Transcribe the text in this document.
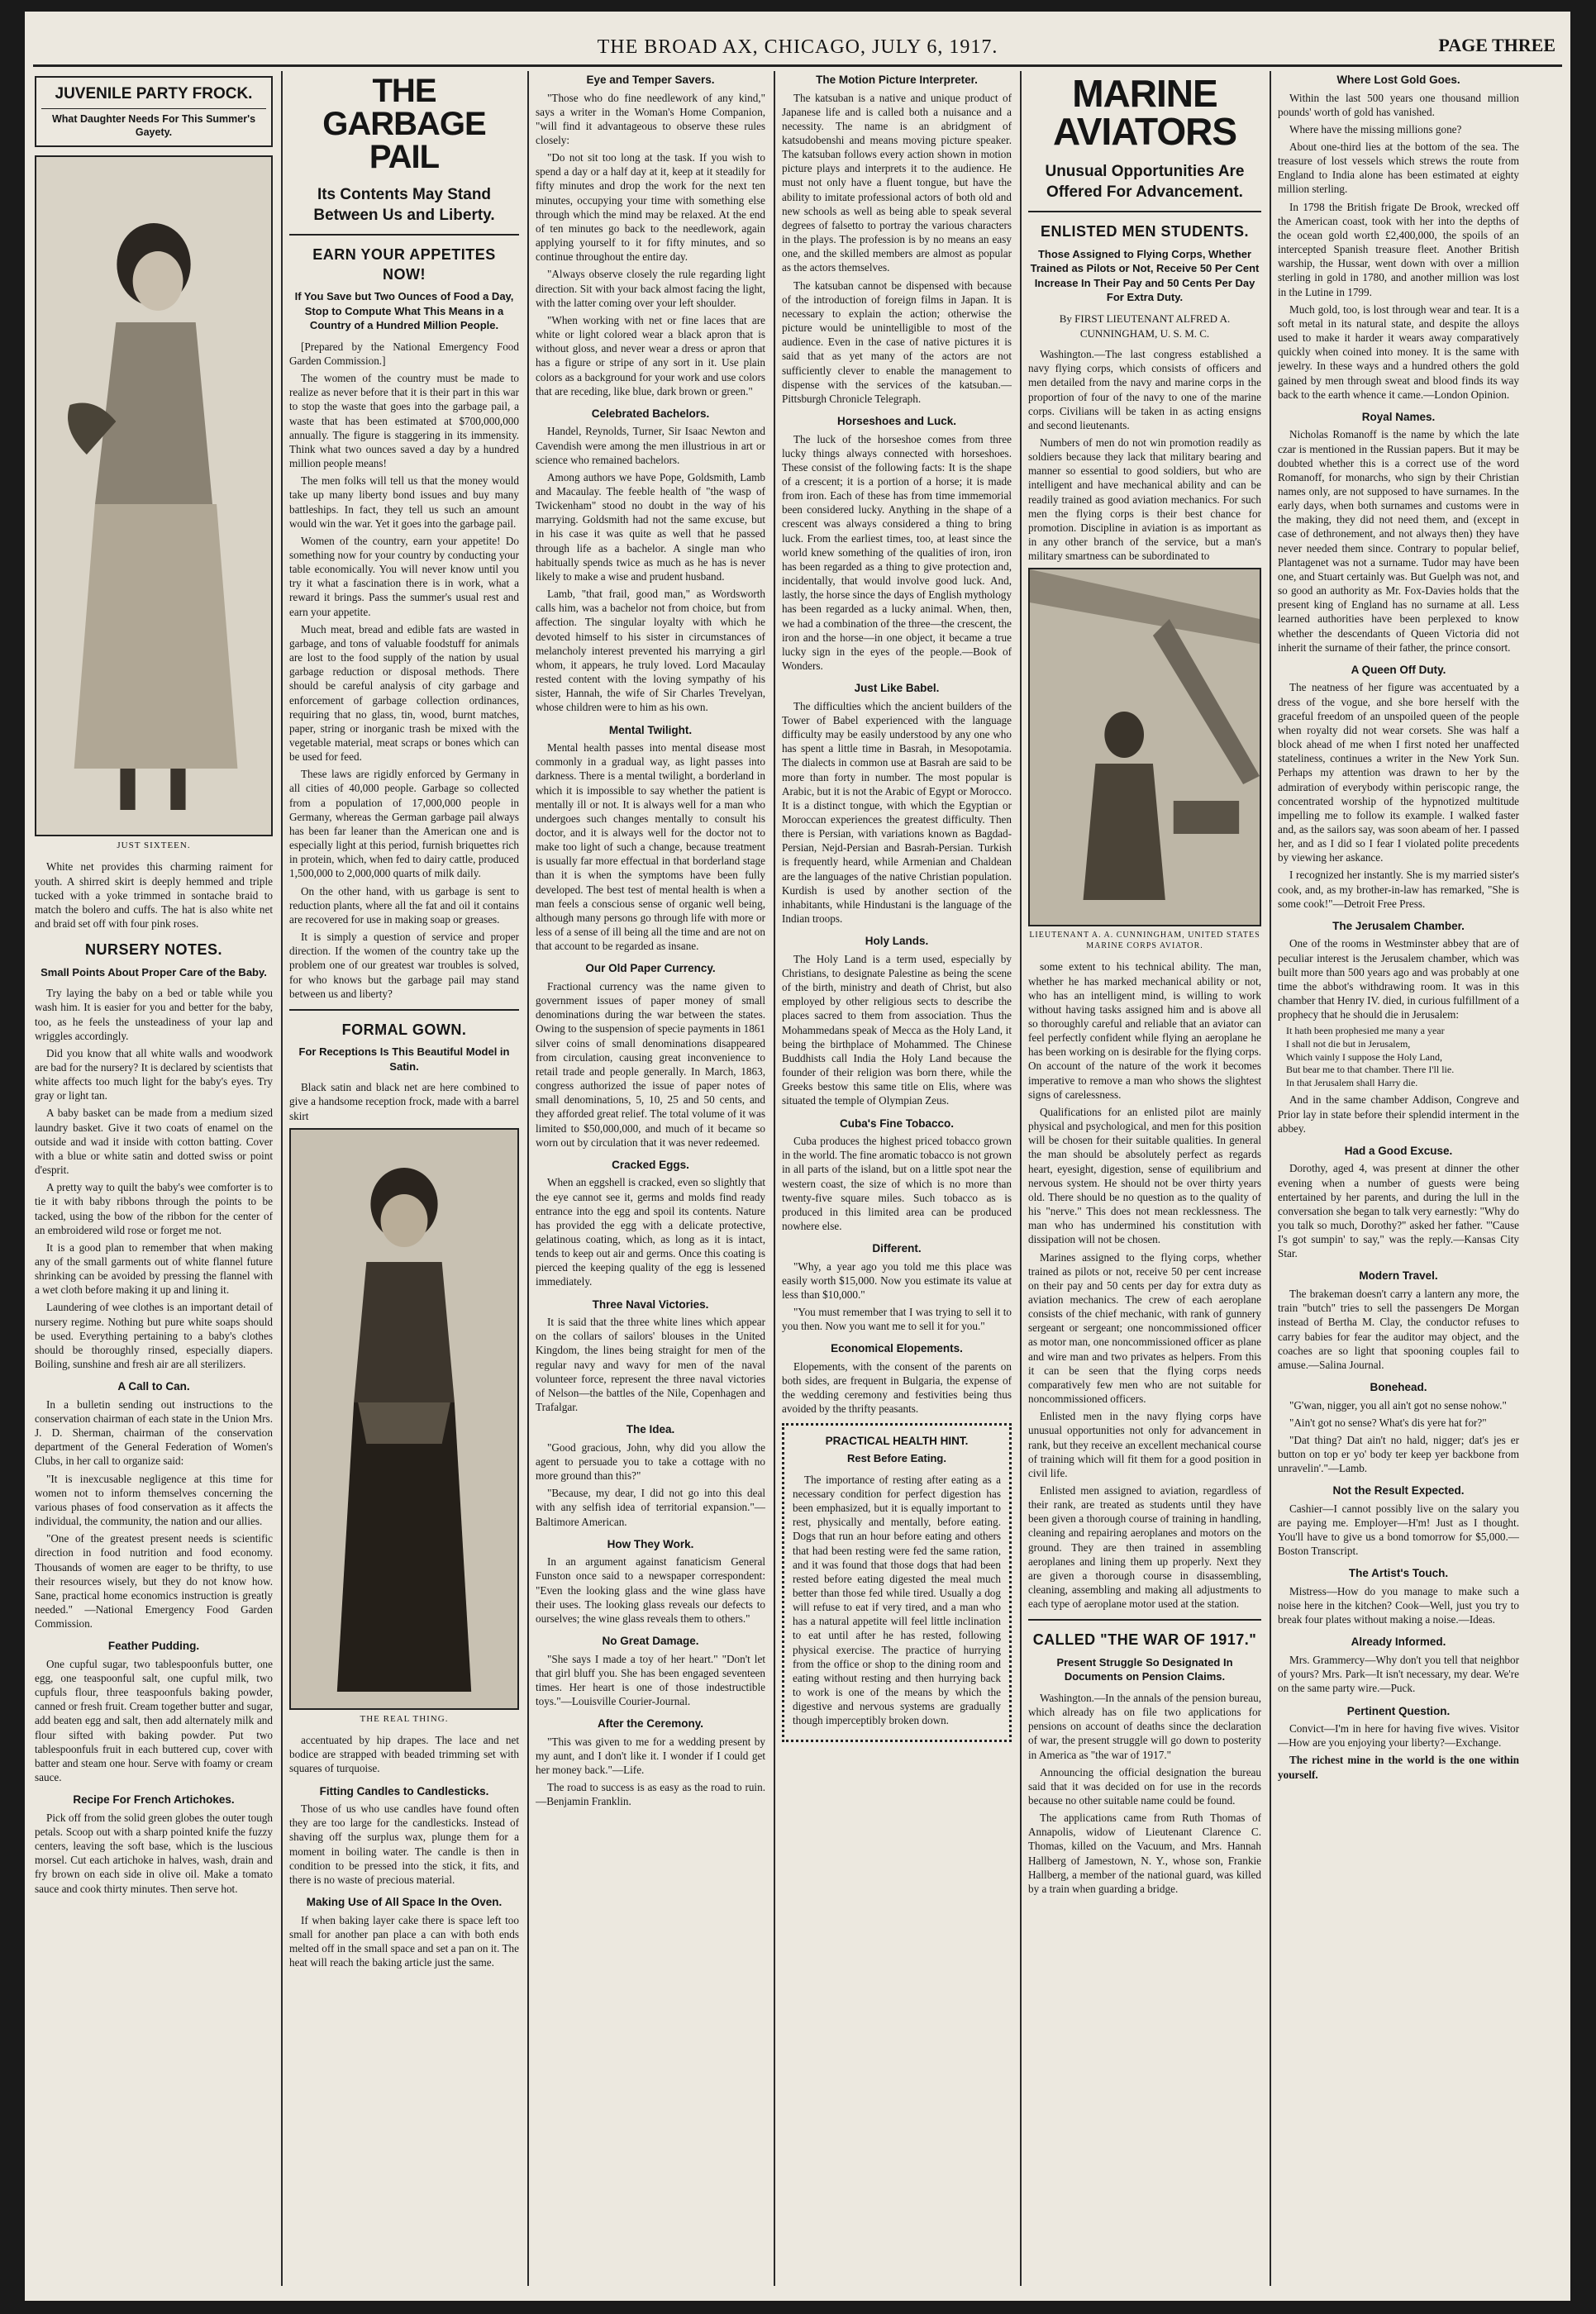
THE BROAD AX, CHICAGO, JULY 6, 1917.	PAGE THREE
JUVENILE PARTY FROCK.
What Daughter Needs For This Summer's Gayety.
JUST SIXTEEN.

White net provides this charming raiment for youth. A shirred skirt is deeply hemmed and triple tucked with a yoke trimmed in sontache braid to match the bolero and cuffs. The hat is also white net and braid set off with four pink roses.

NURSERY NOTES.
Small Points About Proper Care of the Baby.

Try laying the baby on a bed or table while you wash him. It is easier for you and better for the baby, too, as he feels the unsteadiness of your lap and wriggles accordingly.

Did you know that all white walls and woodwork are bad for the nursery? It is declared by scientists that white affects too much light for the baby's eyes. Try gray or light tan.

A baby basket can be made from a medium sized laundry basket. Give it two coats of enamel on the outside and wad it inside with cotton batting. Cover with a blue or white satin and dotted swiss or point d'esprit.

A pretty way to quilt the baby's wee comforter is to tie it with baby ribbons through the points to be tacked, using the bow of the ribbon for the center of an embroidered wild rose or forget me not.

It is a good plan to remember that when making any of the small garments out of white flannel future shrinking can be avoided by pressing the flannel with a wet cloth before making it up and lining it.

Laundering of wee clothes is an important detail of nursery regime. Nothing but pure white soaps should be used. Everything pertaining to a baby's clothes should be thoroughly rinsed, especially diapers. Boiling, sunshine and fresh air are all sterilizers.

A Call to Can.

In a bulletin sending out instructions to the conservation chairman of each state in the Union Mrs. J. D. Sherman, chairman of the conservation department of the General Federation of Women's Clubs, in her call to organize said:

"It is inexcusable negligence at this time for women not to inform themselves concerning the various phases of food conservation as it affects the individual, the community, the nation and our allies.

"One of the greatest present needs is scientific direction in food nutrition and food economy. Thousands of women are eager to be thrifty, to use their resources wisely, but they do not know how. Sane, practical home economics instruction is greatly needed." —National Emergency Food Garden Commission.

Feather Pudding.

One cupful sugar, two tablespoonfuls butter, one egg, one teaspoonful salt, one cupful milk, two cupfuls flour, three teaspoonfuls baking powder, canned or fresh fruit. Cream together butter and sugar, add beaten egg and salt, then add alternately milk and flour sifted with baking powder. Put two tablespoonfuls fruit in each buttered cup, cover with batter and steam one hour. Serve with foamy or cream sauce.

Recipe For French Artichokes.

Pick off from the solid green globes the outer tough petals. Scoop out with a sharp pointed knife the fuzzy centers, leaving the soft base, which is the luscious morsel. Cut each artichoke in halves, wash, drain and fry brown on each side in olive oil. Make a tomato sauce and cook thirty minutes. Then serve hot.

THE GARBAGE PAIL
Its Contents May Stand Between Us and Liberty.
EARN YOUR APPETITES NOW!
If You Save but Two Ounces of Food a Day, Stop to Compute What This Means in a Country of a Hundred Million People.

[Prepared by the National Emergency Food Garden Commission.]

The women of the country must be made to realize as never before that it is their part in this war to stop the waste that goes into the garbage pail, a waste that has been estimated at $700,000,000 annually. The figure is staggering in its immensity. Think what two ounces saved a day by a hundred million people means!

The men folks will tell us that the money would take up many liberty bond issues and buy many battleships. In fact, they tell us such an amount would win the war. Yet it goes into the garbage pail.

Women of the country, earn your appetite! Do something now for your country by conducting your table economically. You will never know until you try it what a fascination there is in work, what a reward it brings. Pass the summer's usual rest and earn your appetite.

Much meat, bread and edible fats are wasted in garbage, and tons of valuable foodstuff for animals are lost to the food supply of the nation by usual garbage reduction or disposal methods. There should be careful analysis of city garbage and enforcement of garbage collection ordinances, requiring that no glass, tin, wood, burnt matches, paper, string or inorganic trash be mixed with the vegetable material, meat scraps or bones which can be used for feed.

These laws are rigidly enforced by Germany in all cities of 40,000 people. Garbage so collected from a population of 17,000,000 people in Germany, whereas the German garbage pail always has been far leaner than the American one and is especially light at this period, furnish briquettes rich in protein, which, when fed to dairy cattle, produced 1,500,000 to 2,000,000 quarts of milk daily.

On the other hand, with us garbage is sent to reduction plants, where all the fat and oil it contains are recovered for use in making soap or greases.

It is simply a question of service and proper direction. If the women of the country take up the problem one of our greatest war troubles is solved, for who knows but the garbage pail may stand between us and liberty?

FORMAL GOWN.
For Receptions Is This Beautiful Model in Satin.

Black satin and black net are here combined to give a handsome reception frock, made with a barrel skirt

THE REAL THING.

accentuated by hip drapes. The lace and net bodice are strapped with beaded trimming set with squares of turquoise.

Fitting Candles to Candlesticks.

Those of us who use candles have found often they are too large for the candlesticks. Instead of shaving off the surplus wax, plunge them for a moment in boiling water. The candle is then in condition to be pressed into the stick, it fits, and there is no waste of precious material.

Making Use of All Space In the Oven.

If when baking layer cake there is space left too small for another pan place a can with both ends melted off in the small space and set a pan on it. The heat will reach the baking article just the same.

Eye and Temper Savers.

"Those who do fine needlework of any kind," says a writer in the Woman's Home Companion, "will find it advantageous to observe these rules closely:

"Do not sit too long at the task. If you wish to spend a day or a half day at it, keep at it steadily for fifty minutes and drop the work for the next ten minutes, occupying your time with something else through which the mind may be relaxed. At the end of ten minutes go back to the needlework, again applying yourself to it for fifty minutes, and so continue throughout the entire day.

"Always observe closely the rule regarding light direction. Sit with your back almost facing the light, with the latter coming over your left shoulder.

"When working with net or fine laces that are white or light colored wear a black apron that is without gloss, and never wear a dress or apron that has a figure or stripe of any sort in it. Use plain colors as a background for your work and use colors that are receding, like blue, dark brown or green."

Celebrated Bachelors.

Handel, Reynolds, Turner, Sir Isaac Newton and Cavendish were among the men illustrious in art or science who remained bachelors.

Among authors we have Pope, Goldsmith, Lamb and Macaulay. The feeble health of "the wasp of Twickenham" stood no doubt in the way of his marrying. Goldsmith had not the same excuse, but in his case it was quite as well that he passed through life as a bachelor. A single man who habitually spends twice as much as he has is never likely to make a wise and prudent husband.

Lamb, "that frail, good man," as Wordsworth calls him, was a bachelor not from choice, but from affection. The singular loyalty with which he devoted himself to his sister in circumstances of melancholy interest prevented his marrying a girl whom, it appears, he truly loved. Lord Macaulay rested content with the loving sympathy of his sister, Hannah, the wife of Sir Charles Trevelyan, whose children were to him as his own.

Mental Twilight.

Mental health passes into mental disease most commonly in a gradual way, as light passes into darkness. There is a mental twilight, a borderland in which it is impossible to say whether the patient is mentally ill or not. It is always well for a man who undergoes such changes mentally to consult his doctor, and it is always well for the doctor not to make too light of such a change, because treatment is usually far more effectual in that borderland stage than it is when the symptoms have been fully developed. The best test of mental health is when a man feels a conscious sense of organic well being, although many persons go through life with more or less of a sense of ill being all the time and are not on that account to be regarded as insane.

Our Old Paper Currency.

Fractional currency was the name given to government issues of paper money of small denominations during the war between the states. Owing to the suspension of specie payments in 1861 silver coins of small denominations disappeared from circulation, causing great inconvenience to retail trade and people generally. In March, 1863, congress authorized the issue of paper notes of small denominations, 5, 10, 25 and 50 cents, and they afforded great relief. The total volume of it was limited to $50,000,000, and much of it became so worn out by circulation that it was never redeemed.

Cracked Eggs.

When an eggshell is cracked, even so slightly that the eye cannot see it, germs and molds find ready entrance into the egg and spoil its contents. Nature has provided the egg with a delicate protective, gelatinous coating, which, as long as it is intact, tends to keep out air and germs. Once this coating is pierced the keeping quality of the egg is lessened immediately.

Three Naval Victories.

It is said that the three white lines which appear on the collars of sailors' blouses in the United Kingdom, the lines being straight for men of the regular navy and wavy for men of the naval volunteer force, represent the three naval victories of Nelson—the battles of the Nile, Copenhagen and Trafalgar.

The Idea.

"Good gracious, John, why did you allow the agent to persuade you to take a cottage with no more ground than this?"

"Because, my dear, I did not go into this deal with any selfish idea of territorial expansion."—Baltimore American.

How They Work.

In an argument against fanaticism General Funston once said to a newspaper correspondent: "Even the looking glass and the wine glass have their uses. The looking glass reveals our defects to ourselves; the wine glass reveals them to others."

No Great Damage.

"She says I made a toy of her heart." "Don't let that girl bluff you. She has been engaged seventeen times. Her heart is one of those indestructible toys."—Louisville Courier-Journal.

After the Ceremony.

"This was given to me for a wedding present by my aunt, and I don't like it. I wonder if I could get her money back."—Life.

The road to success is as easy as the road to ruin.—Benjamin Franklin.

The Motion Picture Interpreter.

The katsuban is a native and unique product of Japanese life and is called both a nuisance and a necessity. The name is an abridgment of katsudobenshi and means moving picture speaker. The katsuban follows every action shown in motion picture plays and interprets it to the audience. He must not only have a fluent tongue, but have the ability to imitate professional actors of both old and new schools as well as being able to speak several degrees of falsetto to portray the various characters in the plays. The profession is by no means an easy one, and the skilled members are almost as popular as the actors themselves.

The katsuban cannot be dispensed with because of the introduction of foreign films in Japan. It is necessary to explain the action; otherwise the picture would be unintelligible to most of the audience. Even in the case of native pictures it is said that as yet many of the actors are not sufficiently clever to enable the management to dispense with the services of the katsuban.—Pittsburgh Chronicle Telegraph.

Horseshoes and Luck.

The luck of the horseshoe comes from three lucky things always connected with horseshoes. These consist of the following facts: It is the shape of a crescent; it is a portion of a horse; it is made from iron. Each of these has from time immemorial been considered lucky. Anything in the shape of a crescent was always considered a thing to bring luck. From the earliest times, too, at least since the world knew something of the qualities of iron, iron has been regarded as a thing to give protection and, incidentally, that would involve good luck. And, lastly, the horse since the days of English mythology has been regarded as a lucky animal. When, then, we had a combination of the three—the crescent, the iron and the horse—in one object, it became a true lucky sign in the eyes of the people.—Book of Wonders.

Just Like Babel.

The difficulties which the ancient builders of the Tower of Babel experienced with the language difficulty may be easily understood by any one who has spent a little time in Basrah, in Mesopotamia. The dialects in common use at Basrah are said to be more than forty in number. The most popular is Arabic, but it is not the Arabic of Egypt or Morocco. It is a distinct tongue, with which the Egyptian or Moroccan experiences the greatest difficulty. Then there is Persian, with variations known as Bagdad-Persian, Nejd-Persian and Basrah-Persian. Turkish is frequently heard, while Armenian and Chaldean are the languages of the native Christian population. Kurdish is used by another section of the inhabitants, while Hindustani is the language of the Indian troops.

Holy Lands.

The Holy Land is a term used, especially by Christians, to designate Palestine as being the scene of the birth, ministry and death of Christ, but also employed by other religious sects to describe the places sacred to them from association. Thus the Mohammedans speak of Mecca as the Holy Land, it being the birthplace of Mohammed. The Chinese Buddhists call India the Holy Land because the founder of their religion was born there, while the Greeks bestow this same title on Elis, where was situated the temple of Olympian Zeus.

Cuba's Fine Tobacco.

Cuba produces the highest priced tobacco grown in the world. The fine aromatic tobacco is not grown in all parts of the island, but on a little spot near the western coast, the size of which is no more than twenty-five square miles. Such tobacco as is produced in this limited area can be produced nowhere else.

Different.

"Why, a year ago you told me this place was easily worth $15,000. Now you estimate its value at less than $10,000."

"You must remember that I was trying to sell it to you then. Now you want me to sell it for you."

Economical Elopements.

Elopements, with the consent of the parents on both sides, are frequent in Bulgaria, the expense of the wedding ceremony and festivities being thus avoided by the thrifty peasants.

PRACTICAL HEALTH HINT.
Rest Before Eating.

The importance of resting after eating as a necessary condition for perfect digestion has been emphasized, but it is equally important to rest, physically and mentally, before eating. Dogs that run an hour before eating and others that had been resting were fed the same ration, and it was found that those dogs that had been rested before eating digested the meal much better than those fed while tired. Usually a dog will refuse to eat if very tired, and a man who has a natural appetite will feel little inclination to eat until after he has rested, following physical exercise. The practice of hurrying from the office or shop to the dining room and eating without resting and then hurrying back to work is one of the means by which the digestive and nervous systems are gradually though imperceptibly broken down.

MARINE AVIATORS
Unusual Opportunities Are Offered For Advancement.
ENLISTED MEN STUDENTS.
Those Assigned to Flying Corps, Whether Trained as Pilots or Not, Receive 50 Per Cent Increase In Their Pay and 50 Cents Per Day For Extra Duty.
By FIRST LIEUTENANT ALFRED A. CUNNINGHAM, U. S. M. C.

Washington.—The last congress established a navy flying corps, which consists of officers and men detailed from the navy and marine corps in the proportion of four of the navy to one of the marine corps. Civilians will be taken in as acting ensigns and second lieutenants.

Numbers of men do not win promotion readily as soldiers because they lack that military bearing and manner so essential to good soldiers, but who are intelligent and have mechanical ability and can be readily trained as good aviation mechanics. For such men the flying corps is their best chance for promotion. Discipline in aviation is as important as in any other branch of the service, but a man's military smartness can be subordinated to

LIEUTENANT A. A. CUNNINGHAM, UNITED STATES MARINE CORPS AVIATOR.

some extent to his technical ability. The man, whether he has marked mechanical ability or not, who has an intelligent mind, is willing to work without having tasks assigned him and is above all so thoroughly careful and reliable that an aviator can feel perfectly confident while flying an aeroplane he has been working on is desirable for the flying corps. On account of the nature of the work it becomes imperative to remove a man who shows the slightest signs of carelessness.

Qualifications for an enlisted pilot are mainly physical and psychological, and men for this position will be chosen for their suitable qualities. In general the man should be absolutely perfect as regards heart, eyesight, digestion, sense of equilibrium and nervous system. He should not be over thirty years old. There should be no question as to the quality of his "nerve." This does not mean recklessness. The man who has undermined his constitution with dissipation will not be chosen.

Marines assigned to the flying corps, whether trained as pilots or not, receive 50 per cent increase on their pay and 50 cents per day for extra duty as aviation mechanics. The crew of each aeroplane consists of the chief mechanic, with rank of gunnery sergeant or sergeant; one noncommissioned officer as motor man, one noncommissioned officer as plane and wire man and two privates as helpers. From this it can be seen that the flying corps needs comparatively few men who are not suitable for noncommissioned officers.

Enlisted men in the navy flying corps have unusual opportunities not only for advancement in rank, but they receive an excellent mechanical course of training which will fit them for a good position in civil life.

Enlisted men assigned to aviation, regardless of their rank, are treated as students until they have been given a thorough course of training in handling, cleaning and repairing aeroplanes and motors on the ground. They are then trained in assembling aeroplanes and lining them up properly. Next they are given a thorough course in disassembling, cleaning, assembling and making all adjustments to each type of aeroplane motor used at the station.

CALLED "THE WAR OF 1917."
Present Struggle So Designated In Documents on Pension Claims.

Washington.—In the annals of the pension bureau, which already has on file two applications for pensions on account of deaths since the declaration of war, the present struggle will go down to posterity in America as "the war of 1917."

Announcing the official designation the bureau said that it was decided on for use in the records because no other suitable name could be found.

The applications came from Ruth Thomas of Annapolis, widow of Lieutenant Clarence C. Thomas, killed on the Vacuum, and Mrs. Hannah Hallberg of Jamestown, N. Y., whose son, Frankie Hallberg, a member of the national guard, was killed by a train when guarding a bridge.

Where Lost Gold Goes.

Within the last 500 years one thousand million pounds' worth of gold has vanished.

Where have the missing millions gone?

About one-third lies at the bottom of the sea. The treasure of lost vessels which strews the route from England to India alone has been estimated at eighty million sterling.

In 1798 the British frigate De Brook, wrecked off the American coast, took with her into the depths of the ocean gold worth £2,400,000, the spoils of an intercepted Spanish treasure fleet. Another British warship, the Hussar, went down with over a million sterling in gold in 1780, and another million was lost in the Lutine in 1799.

Much gold, too, is lost through wear and tear. It is a soft metal in its natural state, and despite the alloys used to make it harder it wears away comparatively quickly when coined into money. It is the same with jewelry. In these ways and a hundred others the gold gained by men through sweat and blood finds its way back to the earth whence it came.—London Opinion.

Royal Names.

Nicholas Romanoff is the name by which the late czar is mentioned in the Russian papers. But it may be doubted whether this is a correct use of the word Romanoff, for monarchs, who sign by their Christian names only, are not supposed to have surnames. In the early days, when both surnames and customs were in the making, they did not need them, and (except in case of dethronement, and not always then) they have never needed them since. Contrary to popular belief, Plantagenet was not a surname. Tudor may have been one, and Stuart certainly was. But Guelph was not, and so good an authority as Mr. Fox-Davies holds that the present king of England has no surname at all. Less learned authorities have been perplexed to know whether the descendants of Queen Victoria did not inherit the surname of their father, the prince consort.

A Queen Off Duty.

The neatness of her figure was accentuated by a dress of the vogue, and she bore herself with the graceful freedom of an unspoiled queen of the people when royalty did not wear corsets. She was half a block ahead of me when I first noted her unaffected stateliness, continues a writer in the New York Sun. Perhaps my attention was drawn to her by the admiration of everybody within periscopic range, the concentrated worship of the hypnotized multitude impelling me to follow its example. I walked faster and, as the sailors say, was soon abeam of her. I passed her, and as I did so I fear I violated polite precedents by viewing her askance.

I recognized her instantly. She is my married sister's cook, and, as my brother-in-law has remarked, "She is some cook!"—Detroit Free Press.

The Jerusalem Chamber.

One of the rooms in Westminster abbey that are of peculiar interest is the Jerusalem chamber, which was built more than 500 years ago and was probably at one time the abbot's withdrawing room. It was in this chamber that Henry IV. died, in curious fulfillment of a prophecy that he should die in Jerusalem:

It hath been prophesied me many a year
I shall not die but in Jerusalem,
Which vainly I suppose the Holy Land,
But bear me to that chamber. There I'll lie.
In that Jerusalem shall Harry die.

And in the same chamber Addison, Congreve and Prior lay in state before their splendid interment in the abbey.

Had a Good Excuse.

Dorothy, aged 4, was present at dinner the other evening when a number of guests were being entertained by her parents, and during the lull in the conversation she began to talk very earnestly: "Why do you talk so much, Dorothy?" asked her father. "'Cause I's got sumpin' to say," was the reply.—Kansas City Star.

Modern Travel.

The brakeman doesn't carry a lantern any more, the train "butch" tries to sell the passengers De Morgan instead of Bertha M. Clay, the conductor refuses to carry babies for fear the auditor may object, and the coaches are so light that spooning couples fail to amuse.—Salina Journal.

Bonehead.

"G'wan, nigger, you all ain't got no sense nohow."

"Ain't got no sense? What's dis yere hat for?"

"Dat thing? Dat ain't no hald, nigger; dat's jes er button on top er yo' body ter keep yer backbone from unravelin'."—Lamb.

Not the Result Expected.

Cashier—I cannot possibly live on the salary you are paying me. Employer—H'm! Just as I thought. You'll have to give us a bond tomorrow for $5,000.—Boston Transcript.

The Artist's Touch.

Mistress—How do you manage to make such a noise here in the kitchen? Cook—Well, just you try to break four plates without making a noise.—Ideas.

Already Informed.

Mrs. Grammercy—Why don't you tell that neighbor of yours? Mrs. Park—It isn't necessary, my dear. We're on the same party wire.—Puck.

Pertinent Question.

Convict—I'm in here for having five wives. Visitor—How are you enjoying your liberty?—Exchange.

The richest mine in the world is the one within yourself.
